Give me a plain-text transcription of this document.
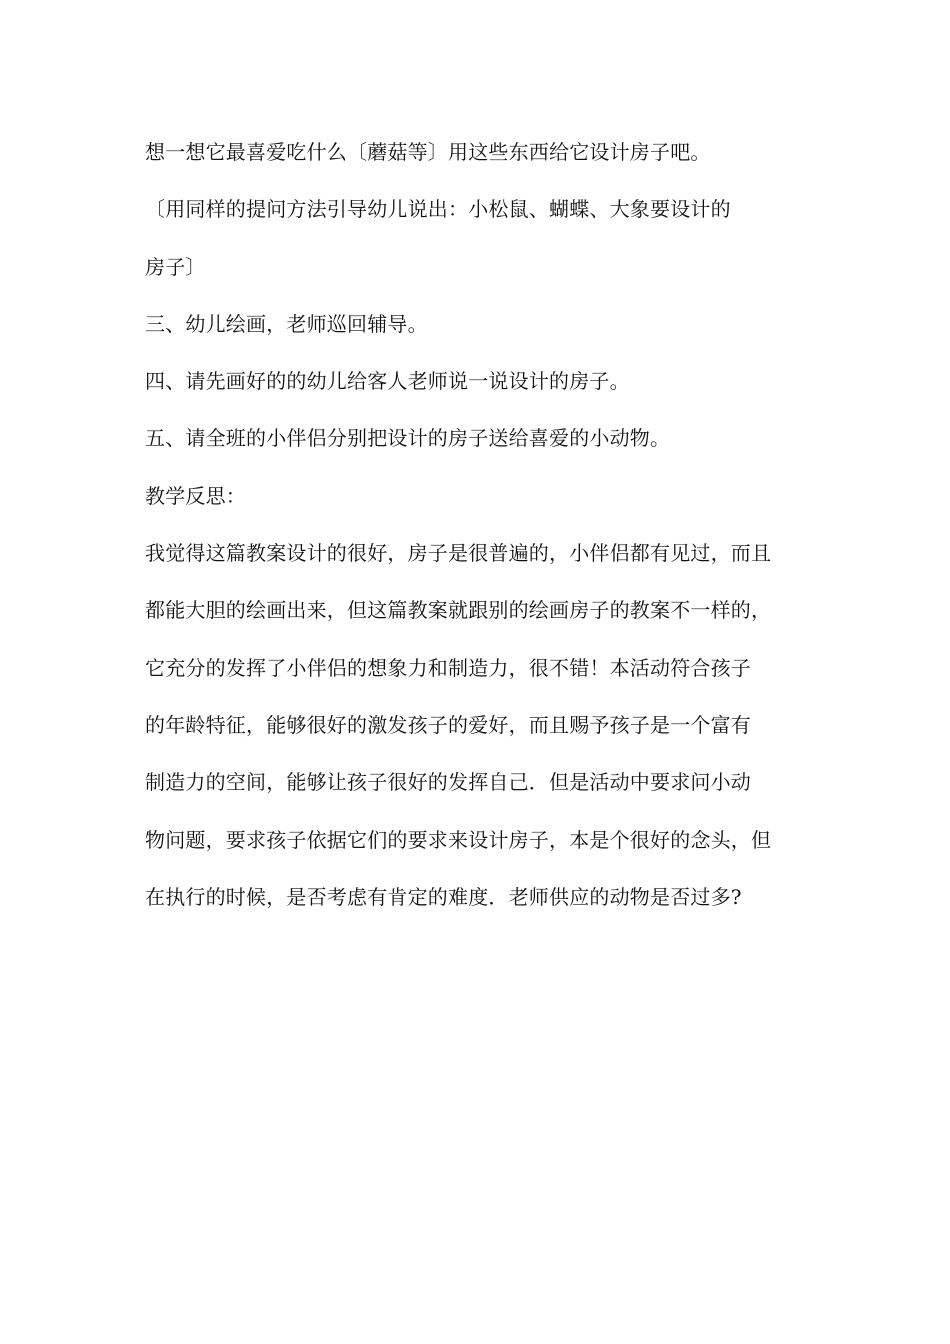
想一想它最喜爱吃什么〔蘑菇等〕用这些东西给它设计房子吧。
〔用同样的提问方法引导幼儿说出：小松鼠、蝴蝶、大象要设计的
房子〕
三、幼儿绘画，老师巡回辅导。
四、请先画好的的幼儿给客人老师说一说设计的房子。
五、请全班的小伴侣分别把设计的房子送给喜爱的小动物。
教学反思：
我觉得这篇教案设计的很好，房子是很普遍的，小伴侣都有见过，而且
都能大胆的绘画出来，但这篇教案就跟别的绘画房子的教案不一样的，
它充分的发挥了小伴侣的想象力和制造力，很不错！本活动符合孩子
的年龄特征，能够很好的激发孩子的爱好，而且赐予孩子是一个富有
制造力的空间，能够让孩子很好的发挥自己．但是活动中要求问小动
物问题，要求孩子依据它们的要求来设计房子，本是个很好的念头，但
在执行的时候，是否考虑有肯定的难度．老师供应的动物是否过多?
